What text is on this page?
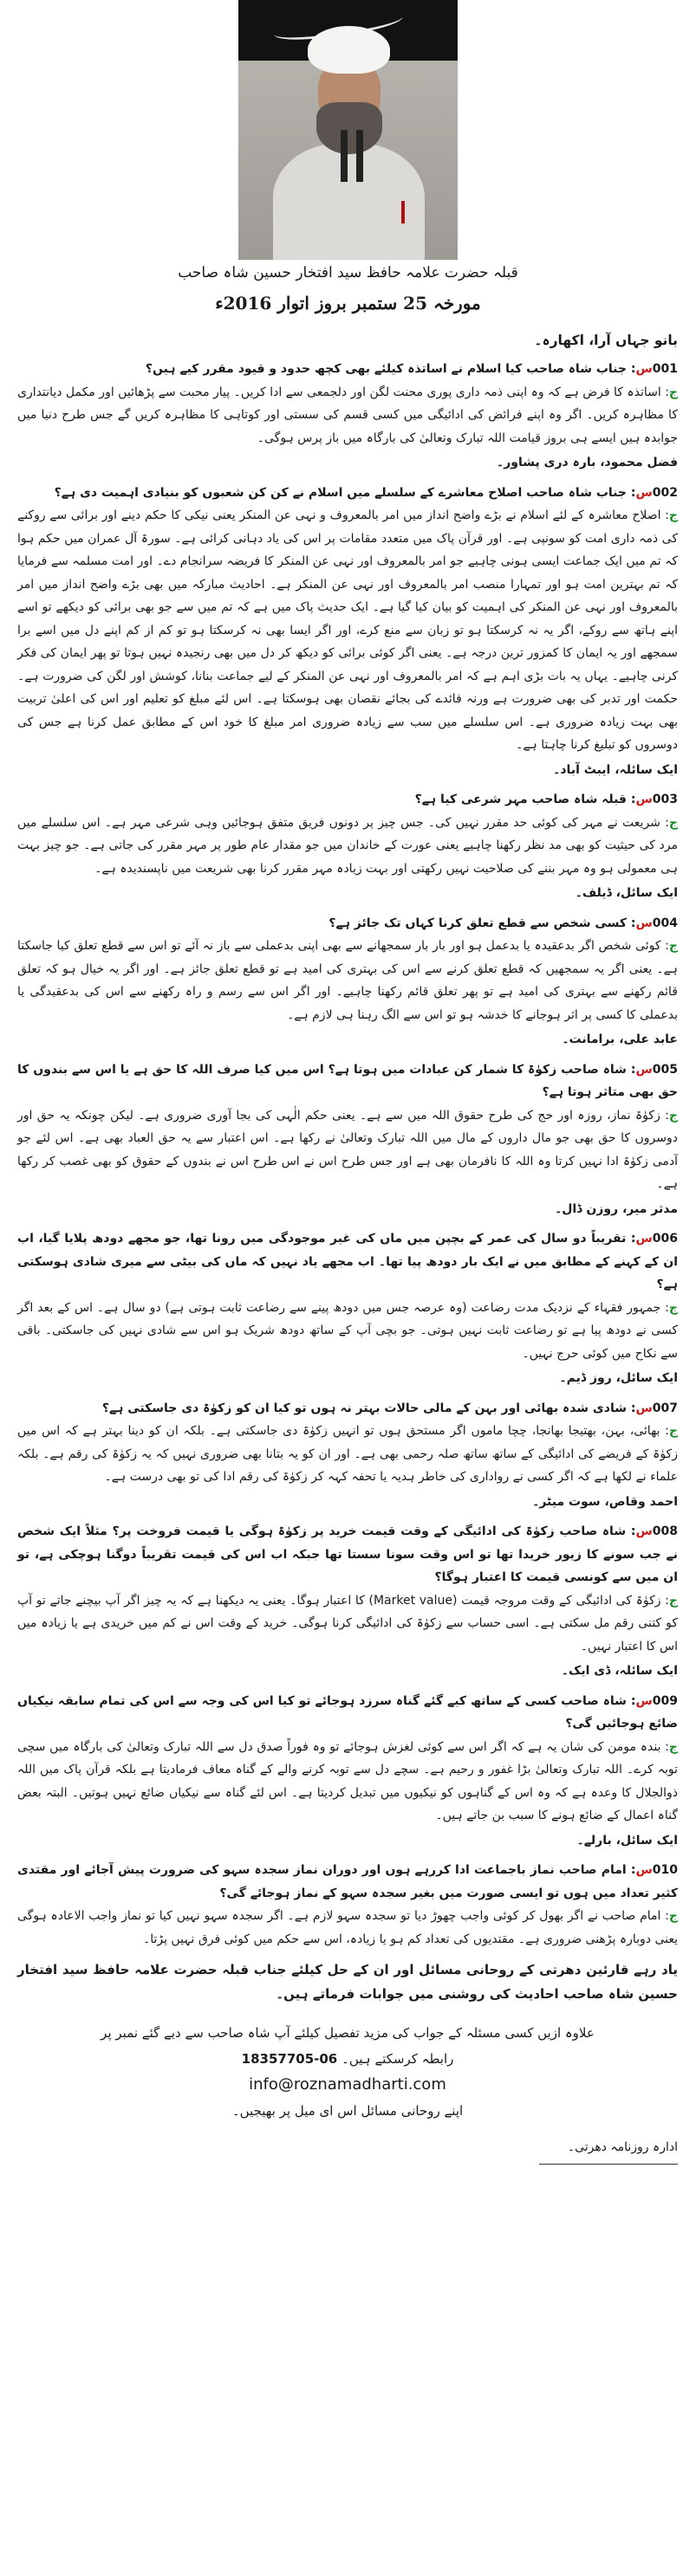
قبلہ حضرت علامہ حافظ سید افتخار حسین شاہ صاحب
مورخہ 25 ستمبر بروز اتوار 2016ء

بانو جہاں آرا، اکھارہ۔

001س: جناب شاہ صاحب کیا اسلام نے اساتذہ کیلئے بھی کچھ حدود و قیود مقرر کیے ہیں؟

ج: اساتذہ کا فرض ہے کہ وہ اپنی ذمہ داری پوری محنت لگن اور دلجمعی سے ادا کریں۔ پیار محبت سے پڑھائیں اور مکمل دیانتداری کا مظاہرہ کریں۔ اگر وہ اپنے فرائض کی ادائیگی میں کسی قسم کی سستی اور کوتاہی کا مظاہرہ کریں گے جس طرح دنیا میں جوابدہ ہیں ایسے ہی بروز قیامت اللہ تبارک وتعالیٰ کی بارگاہ میں باز پرس ہوگی۔

فضل محمود، بارہ دری پشاور۔

002س: جناب شاہ صاحب اصلاح معاشرے کے سلسلے میں اسلام نے کن کن شعبوں کو بنیادی اہمیت دی ہے؟

ج: اصلاح معاشرہ کے لئے اسلام نے بڑے واضح انداز میں امر بالمعروف و نہی عن المنکر یعنی نیکی کا حکم دینے اور برائی سے روکنے کی ذمہ داری امت کو سونپی ہے۔ اور قرآن پاک میں متعدد مقامات پر اس کی یاد دہانی کرائی ہے۔ سورۃ آل عمران میں حکم ہوا کہ تم میں ایک جماعت ایسی ہونی چاہیے جو امر بالمعروف اور نہی عن المنکر کا فریضہ سرانجام دے۔ اور امت مسلمہ سے فرمایا کہ تم بہترین امت ہو اور تمہارا منصب امر بالمعروف اور نہی عن المنکر ہے۔ احادیث مبارکہ میں بھی بڑے واضح انداز میں امر بالمعروف اور نہی عن المنکر کی اہمیت کو بیان کیا گیا ہے۔ ایک حدیث پاک میں ہے کہ تم میں سے جو بھی برائی کو دیکھے تو اسے اپنے ہاتھ سے روکے، اگر یہ نہ کرسکتا ہو تو زبان سے منع کرے، اور اگر ایسا بھی نہ کرسکتا ہو تو کم از کم اپنے دل میں اسے برا سمجھے اور یہ ایمان کا کمزور ترین درجہ ہے۔ یعنی اگر کوئی برائی کو دیکھ کر دل میں بھی رنجیدہ نہیں ہوتا تو پھر ایمان کی فکر کرنی چاہیے۔ یہاں یہ بات بڑی اہم ہے کہ امر بالمعروف اور نہی عن المنکر کے لیے جماعت بنانا، کوشش اور لگن کی ضرورت ہے۔ حکمت اور تدبر کی بھی ضرورت ہے ورنہ فائدے کی بجائے نقصان بھی ہوسکتا ہے۔ اس لئے مبلغ کو تعلیم اور اس کی اعلیٰ تربیت بھی بہت زیادہ ضروری ہے۔ اس سلسلے میں سب سے زیادہ ضروری امر مبلغ کا خود اس کے مطابق عمل کرنا ہے جس کی دوسروں کو تبلیغ کرنا چاہتا ہے۔

ایک سائلہ، ایبٹ آباد۔

003س: قبلہ شاہ صاحب مہر شرعی کیا ہے؟

ج: شریعت نے مہر کی کوئی حد مقرر نہیں کی۔ جس چیز پر دونوں فریق متفق ہوجائیں وہی شرعی مہر ہے۔ اس سلسلے میں مرد کی حیثیت کو بھی مد نظر رکھنا چاہیے یعنی عورت کے خاندان میں جو مقدار عام طور پر مہر مقرر کی جاتی ہے۔ جو چیز بہت ہی معمولی ہو وہ مہر بننے کی صلاحیت نہیں رکھتی اور بہت زیادہ مہر مقرر کرنا بھی شریعت میں ناپسندیدہ ہے۔

ایک سائل، ڈیلف۔

004س: کسی شخص سے قطع تعلق کرنا کہاں تک جائز ہے؟

ج: کوئی شخص اگر بدعقیدہ یا بدعمل ہو اور بار بار سمجھانے سے بھی اپنی بدعملی سے باز نہ آئے تو اس سے قطع تعلق کیا جاسکتا ہے۔ یعنی اگر یہ سمجھیں کہ قطع تعلق کرنے سے اس کی بہتری کی امید ہے تو قطع تعلق جائز ہے۔ اور اگر یہ خیال ہو کہ تعلق قائم رکھنے سے بہتری کی امید ہے تو پھر تعلق قائم رکھنا چاہیے۔ اور اگر اس سے رسم و راہ رکھنے سے اس کی بدعقیدگی یا بدعملی کا کسی پر اثر ہوجانے کا خدشہ ہو تو اس سے الگ رہنا ہی لازم ہے۔

عابد علی، برامانت۔

005س: شاہ صاحب زکوٰۃ کا شمار کن عبادات میں ہوتا ہے؟ اس میں کیا صرف اللہ کا حق ہے یا اس سے بندوں کا حق بھی متاثر ہوتا ہے؟

ج: زکوٰۃ نماز، روزہ اور حج کی طرح حقوق اللہ میں سے ہے۔ یعنی حکم الٰہی کی بجا آوری ضروری ہے۔ لیکن چونکہ یہ حق اور دوسروں کا حق بھی جو مال داروں کے مال میں اللہ تبارک وتعالیٰ نے رکھا ہے۔ اس اعتبار سے یہ حق العباد بھی ہے۔ اس لئے جو آدمی زکوٰۃ ادا نہیں کرتا وہ اللہ کا نافرمان بھی ہے اور جس طرح اس نے اس طرح اس نے بندوں کے حقوق کو بھی غصب کر رکھا ہے۔

مدثر میر، روزن ڈال۔

006س: تقریباً دو سال کی عمر کے بچپن میں ماں کی غیر موجودگی میں رونا تھا، جو مجھے دودھ پلایا گیا، اب ان کے کہنے کے مطابق میں نے ایک بار دودھ پیا تھا۔ اب مجھے یاد نہیں کہ ماں کی بیٹی سے میری شادی ہوسکتی ہے؟

ج: جمہور فقہاء کے نزدیک مدت رضاعت (وہ عرصہ جس میں دودھ پینے سے رضاعت ثابت ہوتی ہے) دو سال ہے۔ اس کے بعد اگر کسی نے دودھ پیا ہے تو رضاعت ثابت نہیں ہوتی۔ جو بچی آپ کے ساتھ دودھ شریک ہو اس سے شادی نہیں کی جاسکتی۔ باقی سے نکاح میں کوئی حرج نہیں۔

ایک سائل، روز ڈیم۔

007س: شادی شدہ بھائی اور بہن کے مالی حالات بہتر نہ ہوں تو کیا ان کو زکوٰۃ دی جاسکتی ہے؟

ج: بھائی، بہن، بھتیجا بھانجا، چچا ماموں اگر مستحق ہوں تو انہیں زکوٰۃ دی جاسکتی ہے۔ بلکہ ان کو دینا بہتر ہے کہ اس میں زکوٰۃ کے فریضے کی ادائیگی کے ساتھ ساتھ صلہ رحمی بھی ہے۔ اور ان کو یہ بتانا بھی ضروری نہیں کہ یہ زکوٰۃ کی رقم ہے۔ بلکہ علماء نے لکھا ہے کہ اگر کسی نے رواداری کی خاطر ہدیہ یا تحفہ کہہ کر زکوٰۃ کی رقم ادا کی تو بھی درست ہے۔

احمد وقاص، سوت میٹر۔

008س: شاہ صاحب زکوٰۃ کی ادائیگی کے وقت قیمت خرید پر زکوٰۃ ہوگی یا قیمت فروخت پر؟ مثلاً ایک شخص نے جب سونے کا زیور خریدا تھا تو اس وقت سونا سستا تھا جبکہ اب اس کی قیمت تقریباً دوگنا ہوچکی ہے، تو ان میں سے کونسی قیمت کا اعتبار ہوگا؟

ج: زکوٰۃ کی ادائیگی کے وقت مروجہ قیمت (Market value) کا اعتبار ہوگا۔ یعنی یہ دیکھنا ہے کہ یہ چیز اگر آپ بیچنے جاتے تو آپ کو کتنی رقم مل سکتی ہے۔ اسی حساب سے زکوٰۃ کی ادائیگی کرنا ہوگی۔ خرید کے وقت اس نے کم میں خریدی ہے یا زیادہ میں اس کا اعتبار نہیں۔

ایک سائلہ، ڈی ایک۔

009س: شاہ صاحب کسی کے ساتھ کیے گئے گناہ سرزد ہوجائے تو کیا اس کی وجہ سے اس کی تمام سابقہ نیکیاں ضائع ہوجائیں گی؟

ج: بندہ مومن کی شان یہ ہے کہ اگر اس سے کوئی لغزش ہوجائے تو وہ فوراً صدق دل سے اللہ تبارک وتعالیٰ کی بارگاہ میں سچی توبہ کرے۔ اللہ تبارک وتعالیٰ بڑا غفور و رحیم ہے۔ سچے دل سے توبہ کرنے والے کے گناہ معاف فرمادیتا ہے بلکہ قرآن پاک میں اللہ ذوالجلال کا وعدہ ہے کہ وہ اس کے گناہوں کو نیکیوں میں تبدیل کردیتا ہے۔ اس لئے گناہ سے نیکیاں ضائع نہیں ہوتیں۔ البتہ بعض گناہ اعمال کے ضائع ہونے کا سبب بن جاتے ہیں۔

ایک سائل، بارلے۔

010س: امام صاحب نماز باجماعت ادا کررہے ہوں اور دوران نماز سجدہ سہو کی ضرورت پیش آجائے اور مقتدی کثیر تعداد میں ہوں تو ایسی صورت میں بغیر سجدہ سہو کے نماز ہوجائے گی؟

ج: امام صاحب نے اگر بھول کر کوئی واجب چھوڑ دیا تو سجدہ سہو لازم ہے۔ اگر سجدہ سہو نہیں کیا تو نماز واجب الاعادہ ہوگی یعنی دوبارہ پڑھنی ضروری ہے۔ مقتدیوں کی تعداد کم ہو یا زیادہ، اس سے حکم میں کوئی فرق نہیں پڑتا۔

یاد رہے قارئین دھرتی کے روحانی مسائل اور ان کے حل کیلئے جناب قبلہ حضرت علامہ حافظ سید افتخار حسین شاہ صاحب احادیث کی روشنی میں جوابات فرماتے ہیں۔

علاوہ ازیں کسی مسئلہ کے جواب کی مزید تفصیل کیلئے آپ شاہ صاحب سے دیے گئے نمبر پر

رابطہ کرسکتے ہیں۔ 06-18357705

info@roznamadharti.com

اپنے روحانی مسائل اس ای میل پر بھیجیں۔

ادارہ روزنامہ دھرتی۔
